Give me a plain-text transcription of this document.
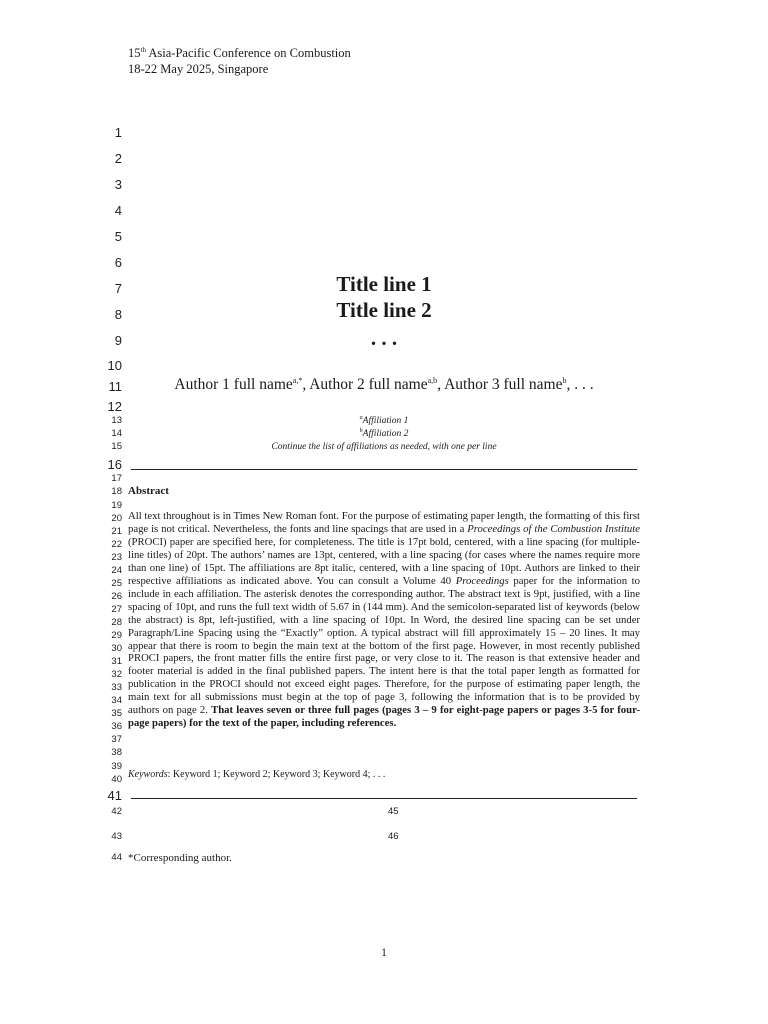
15th Asia-Pacific Conference on Combustion
18-22 May 2025, Singapore
1
2
3
4
5
6
7
8
9
10
11
12
13
14
15
16
17
18
19
20
21
22
23
24
25
26
27
28
29
30
31
32
33
34
35
36
37
38
39
40
41
42
43
44
Title line 1
Title line 2
. . .
Author 1 full name$^{a,*}$, Author 2 full name$^{a,b}$, Author 3 full name$^b$, . . .
$^a$Affiliation 1
$^b$Affiliation 2
Continue the list of affiliations as needed, with one per line
Abstract
All text throughout is in Times New Roman font. For the purpose of estimating paper length, the formatting of this first page is not critical. Nevertheless, the fonts and line spacings that are used in a Proceedings of the Combustion Institute (PROCI) paper are specified here, for completeness. The title is 17pt bold, centered, with a line spacing (for multiple-line titles) of 20pt. The authors’ names are 13pt, centered, with a line spacing (for cases where the names require more than one line) of 15pt. The affiliations are 8pt italic, centered, with a line spacing of 10pt. Authors are linked to their respective affiliations as indicated above. You can consult a Volume 40 Proceedings paper for the information to include in each affiliation. The asterisk denotes the corresponding author. The abstract text is 9pt, justified, with a line spacing of 10pt, and runs the full text width of 5.67 in (144 mm). And the semicolon-separated list of keywords (below the abstract) is 8pt, left-justified, with a line spacing of 10pt. In Word, the desired line spacing can be set under Paragraph/Line Spacing using the “Exactly” option. A typical abstract will fill approximately 15 – 20 lines. It may appear that there is room to begin the main text at the bottom of the first page. However, in most recently published PROCI papers, the front matter fills the entire first page, or very close to it. The reason is that extensive header and footer material is added in the final published papers. The intent here is that the total paper length as formatted for publication in the PROCI should not exceed eight pages. Therefore, for the purpose of estimating paper length, the main text for all submissions must begin at the top of page 3, following the information that is to be provided by authors on page 2. That leaves seven or three full pages (pages 3 – 9 for eight-page papers or pages 3-5 for four-page papers) for the text of the paper, including references.
Keywords: Keyword 1; Keyword 2; Keyword 3; Keyword 4; . . .
45
46
*Corresponding author.
1
